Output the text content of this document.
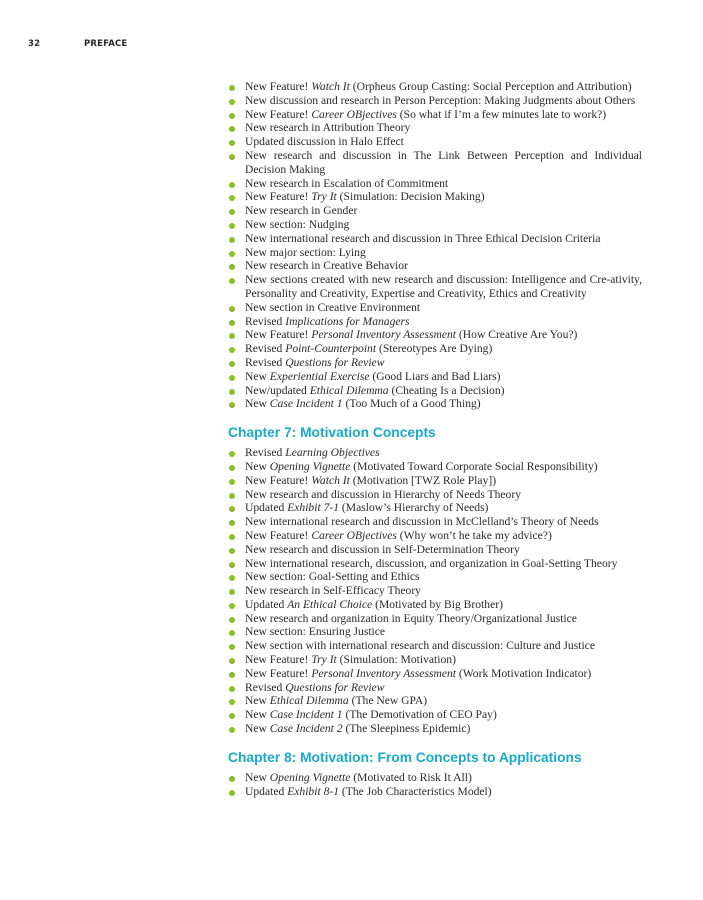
32	PREFACE
New Feature! Watch It (Orpheus Group Casting: Social Perception and Attribution)
New discussion and research in Person Perception: Making Judgments about Others
New Feature! Career OBjectives (So what if I’m a few minutes late to work?)
New research in Attribution Theory
Updated discussion in Halo Effect
New research and discussion in The Link Between Perception and Individual Decision Making
New research in Escalation of Commitment
New Feature! Try It (Simulation: Decision Making)
New research in Gender
New section: Nudging
New international research and discussion in Three Ethical Decision Criteria
New major section: Lying
New research in Creative Behavior
New sections created with new research and discussion: Intelligence and Cre-ativity, Personality and Creativity, Expertise and Creativity, Ethics and Creativity
New section in Creative Environment
Revised Implications for Managers
New Feature! Personal Inventory Assessment (How Creative Are You?)
Revised Point-Counterpoint (Stereotypes Are Dying)
Revised Questions for Review
New Experiential Exercise (Good Liars and Bad Liars)
New/updated Ethical Dilemma (Cheating Is a Decision)
New Case Incident 1 (Too Much of a Good Thing)
Chapter 7: Motivation Concepts
Revised Learning Objectives
New Opening Vignette (Motivated Toward Corporate Social Responsibility)
New Feature! Watch It (Motivation [TWZ Role Play])
New research and discussion in Hierarchy of Needs Theory
Updated Exhibit 7-1 (Maslow’s Hierarchy of Needs)
New international research and discussion in McClelland’s Theory of Needs
New Feature! Career OBjectives (Why won’t he take my advice?)
New research and discussion in Self-Determination Theory
New international research, discussion, and organization in Goal-Setting Theory
New section: Goal-Setting and Ethics
New research in Self-Efficacy Theory
Updated An Ethical Choice (Motivated by Big Brother)
New research and organization in Equity Theory/Organizational Justice
New section: Ensuring Justice
New section with international research and discussion: Culture and Justice
New Feature! Try It (Simulation: Motivation)
New Feature! Personal Inventory Assessment (Work Motivation Indicator)
Revised Questions for Review
New Ethical Dilemma (The New GPA)
New Case Incident 1 (The Demotivation of CEO Pay)
New Case Incident 2 (The Sleepiness Epidemic)
Chapter 8: Motivation: From Concepts to Applications
New Opening Vignette (Motivated to Risk It All)
Updated Exhibit 8-1 (The Job Characteristics Model)
